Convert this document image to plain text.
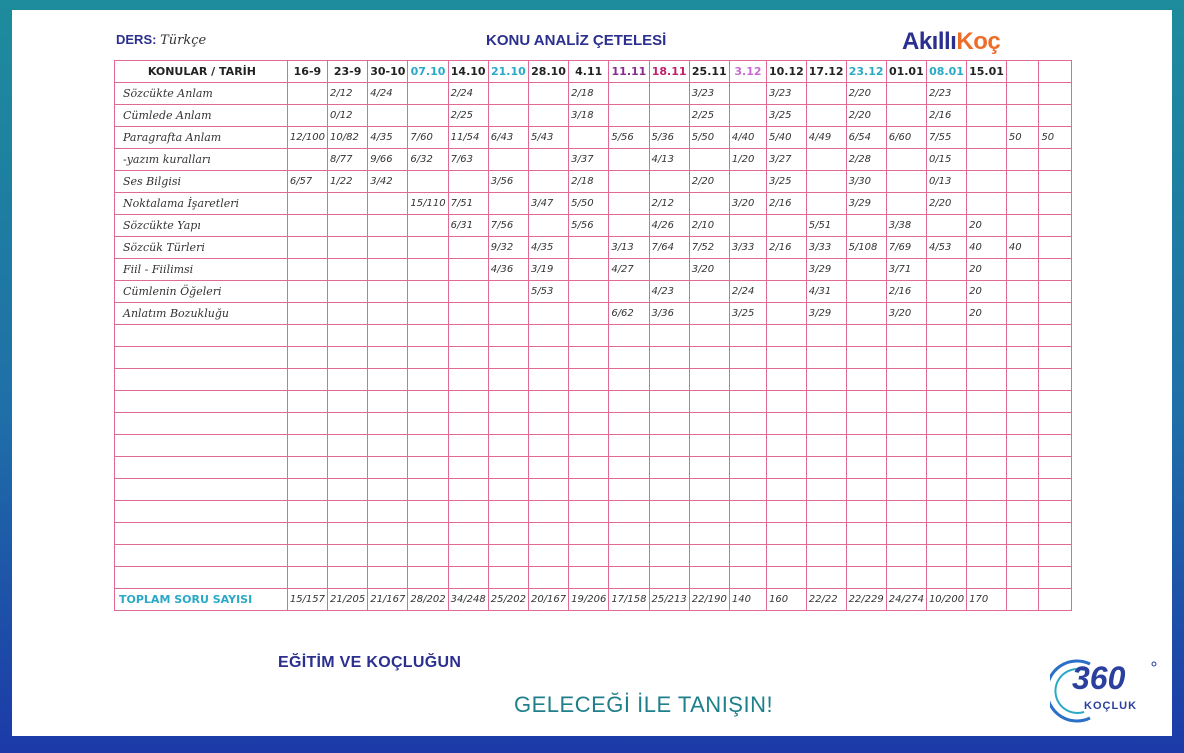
DERS: Türkçe	KONU ANALİZ ÇETELESİ	AkıllıKoç
KONULAR / TARİH	16-9	23-9	30-10	07.10	14.10	21.10	28.10	4.11	11.11	18.11	25.11	3.12	10.12	17.12	23.12	01.01	08.01	15.01		
Sözcükte Anlam		2/12	4/24		2/24			2/18			3/23		3/23		2/20		2/23			
Cümlede Anlam		0/12			2/25			3/18			2/25		3/25		2/20		2/16			
Paragrafta Anlam	12/100	10/82	4/35	7/60	11/54	6/43	5/43		5/56	5/36	5/50	4/40	5/40	4/49	6/54	6/60	7/55		50	50
-yazım kuralları		8/77	9/66	6/32	7/63			3/37		4/13		1/20	3/27		2/28		0/15			
Ses Bilgisi	6/57	1/22	3/42			3/56		2/18			2/20		3/25		3/30		0/13			
Noktalama İşaretleri				15/110	7/51		3/47	5/50		2/12		3/20	2/16		3/29		2/20			
Sözcükte Yapı					6/31	7/56		5/56		4/26	2/10			5/51		3/38		20		
Sözcük Türleri						9/32	4/35		3/13	7/64	7/52	3/33	2/16	3/33	5/108	7/69	4/53	40	40	
Fiil - Fiilimsi						4/36	3/19		4/27		3/20			3/29		3/71		20		
Cümlenin Öğeleri							5/53			4/23		2/24		4/31		2/16		20		
Anlatım Bozukluğu									6/62	3/36		3/25		3/29		3/20		20		

TOPLAM SORU SAYISI	15/157	21/205	21/167	28/202	34/248	25/202	20/167	19/206	17/158	25/213	22/190	140	160	22/22	22/229	24/274	10/200	170		
EĞİTİM VE KOÇLUĞUN
GELECEĞİ İLE TANIŞIN!
360
KOÇLUK
